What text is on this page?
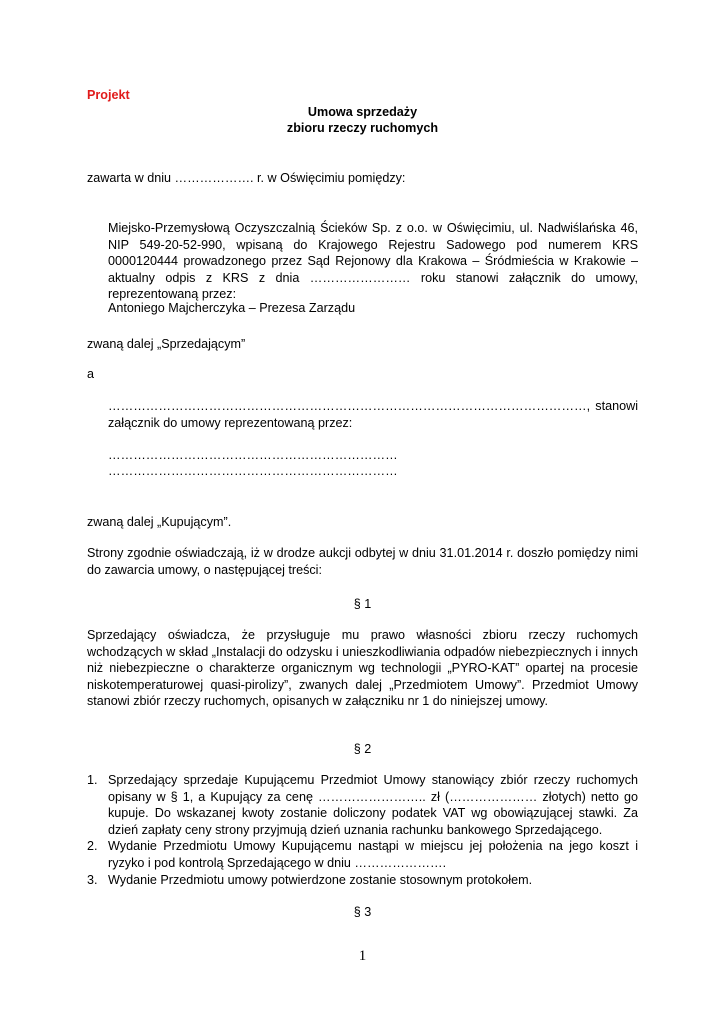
Projekt

Umowa sprzedaży

zbioru rzeczy ruchomych

zawarta w dniu ………………. r. w Oświęcimiu pomiędzy:

Miejsko-Przemysłową Oczyszczalnią Ścieków Sp. z o.o. w Oświęcimiu, ul. Nadwiślańska 46, NIP 549-20-52-990, wpisaną do Krajowego Rejestru Sadowego pod numerem KRS 0000120444 prowadzonego przez Sąd Rejonowy dla Krakowa – Śródmieścia w Krakowie – aktualny odpis z KRS z dnia …………………… roku stanowi załącznik do umowy, reprezentowaną przez:

Antoniego Majcherczyka – Prezesa Zarządu

zwaną dalej „Sprzedającym”

a

……………………………………………………………………………………………………, stanowi załącznik do umowy reprezentowaną przez:

……………………………………………………………

……………………………………………………………

zwaną dalej „Kupującym”.

Strony zgodnie oświadczają, iż w drodze aukcji odbytej w dniu 31.01.2014 r. doszło pomiędzy nimi do zawarcia umowy, o następującej treści:

§ 1

Sprzedający oświadcza, że przysługuje mu prawo własności zbioru rzeczy ruchomych wchodzących w skład „Instalacji do odzysku i unieszkodliwiania odpadów niebezpiecznych i innych niż niebezpieczne o charakterze organicznym wg technologii „PYRO-KAT” opartej na procesie niskotemperaturowej quasi-pirolizy”, zwanych dalej „Przedmiotem Umowy”. Przedmiot Umowy stanowi zbiór rzeczy ruchomych, opisanych w załączniku nr 1 do niniejszej umowy.

§ 2

1. Sprzedający sprzedaje Kupującemu Przedmiot Umowy stanowiący zbiór rzeczy ruchomych opisany w § 1, a Kupujący za cenę …………………….. zł (………………… złotych) netto go kupuje. Do wskazanej kwoty zostanie doliczony podatek VAT wg obowiązującej stawki. Za dzień zapłaty ceny strony przyjmują dzień uznania rachunku bankowego Sprzedającego.
2. Wydanie Przedmiotu Umowy Kupującemu nastąpi w miejscu jej położenia na jego koszt i ryzyko i pod kontrolą Sprzedającego w dniu ………………….
3. Wydanie Przedmiotu umowy potwierdzone zostanie stosownym protokołem.

§ 3

1
